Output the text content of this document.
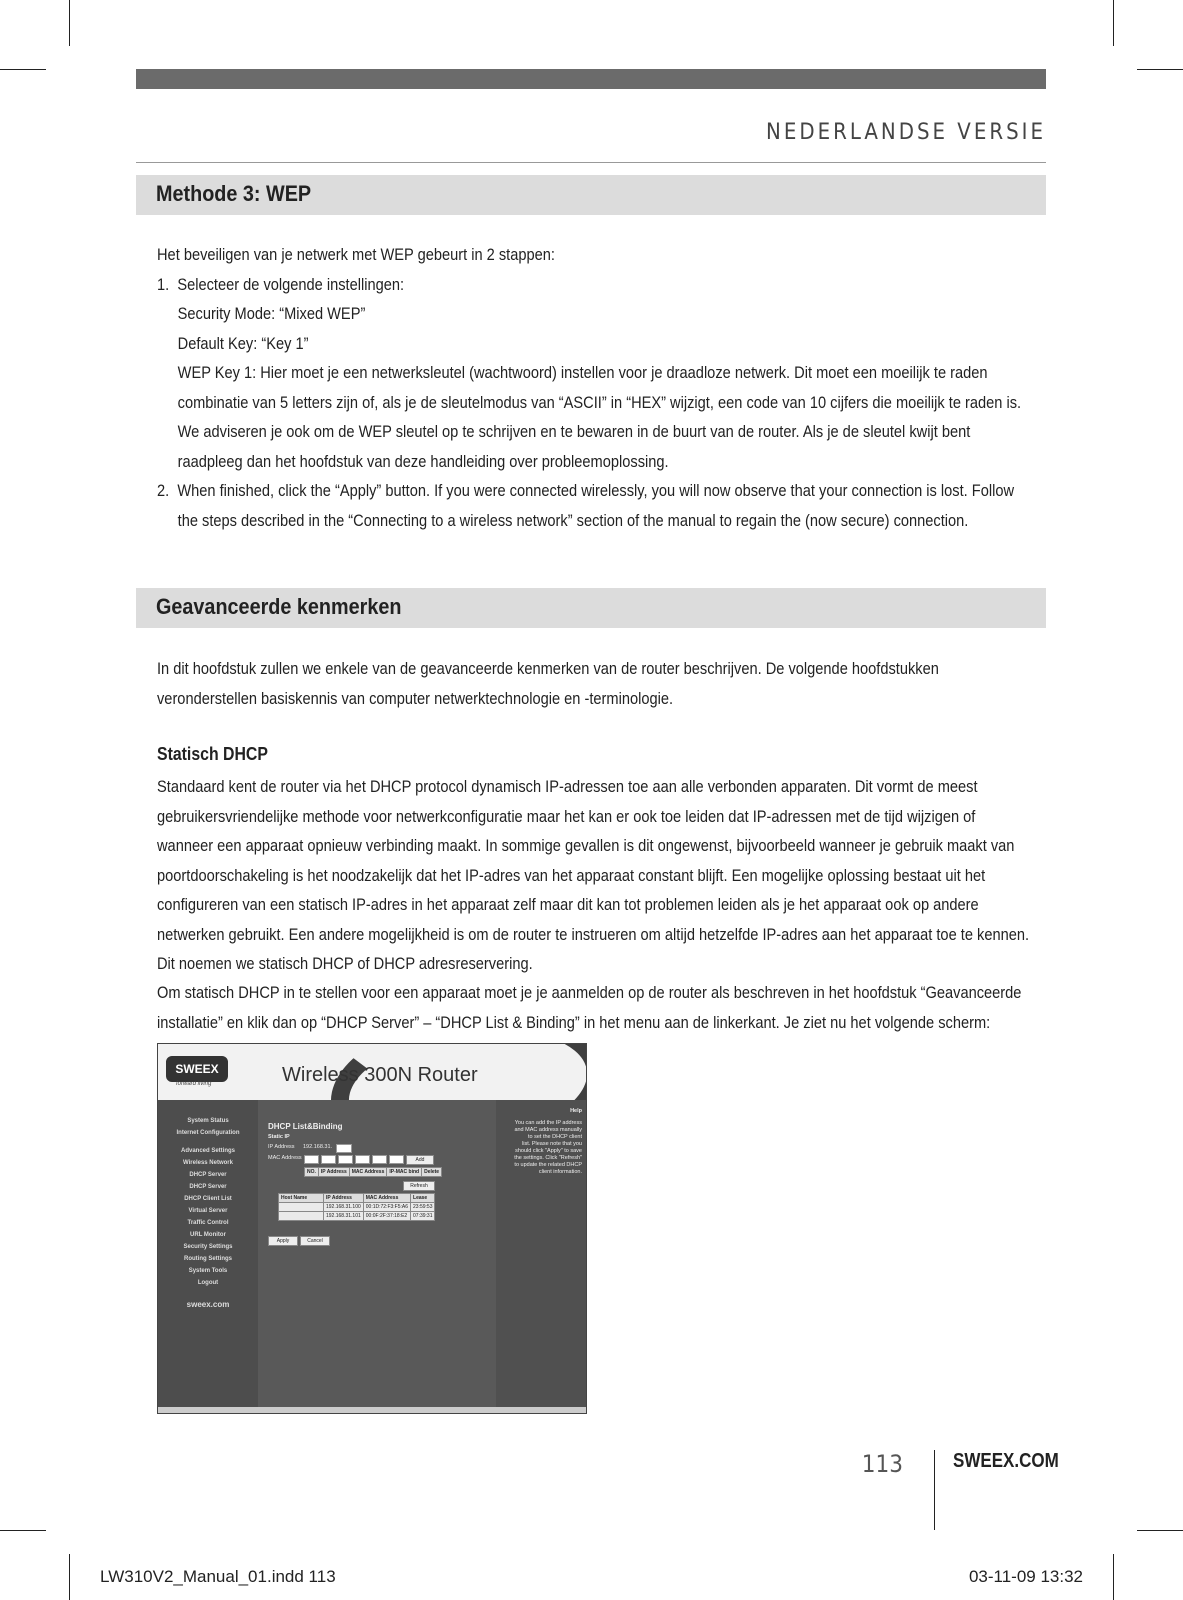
NEDERLANDSE VERSIE
Methode 3: WEP

Het beveiligen van je netwerk met WEP gebeurt in 2 stappen:

1.  Selecteer de volgende instellingen:

Security Mode: “Mixed WEP”

Default Key: “Key 1”

WEP Key 1: Hier moet je een netwerksleutel (wachtwoord) instellen voor je draadloze netwerk. Dit moet een moeilijk te raden combinatie van 5 letters zijn of, als je de sleutelmodus van “ASCII” in “HEX” wijzigt, een code van 10 cijfers die moeilijk te raden is. We adviseren je ook om de WEP sleutel op te schrijven en te bewaren in de buurt van de router. Als je de sleutel kwijt bent raadpleeg dan het hoofdstuk van deze handleiding over probleemoplossing.

2.  When finished, click the “Apply” button. If you were connected wirelessly, you will now observe that your connection is lost. Follow the steps described in the “Connecting to a wireless network” section of the manual to regain the (now secure) connection.

Geavanceerde kenmerken

In dit hoofdstuk zullen we enkele van de geavanceerde kenmerken van de router beschrijven. De volgende hoofdstukken veronderstellen basiskennis van computer netwerktechnologie en -terminologie.

Statisch DHCP

Standaard kent de router via het DHCP protocol dynamisch IP-adressen toe aan alle verbonden apparaten. Dit vormt de meest gebruikersvriendelijke methode voor netwerkconfiguratie maar het kan er ook toe leiden dat IP-adressen met de tijd wijzigen of wanneer een apparaat opnieuw verbinding maakt. In sommige gevallen is dit ongewenst, bijvoorbeeld wanneer je gebruik maakt van poortdoorschakeling is het noodzakelijk dat het IP-adres van het apparaat constant blijft. Een mogelijke oplossing bestaat uit het configureren van een statisch IP-adres in het apparaat zelf maar dit kan tot problemen leiden als je het apparaat ook op andere netwerken gebruikt. Een andere mogelijkheid is om de router te instrueren om altijd hetzelfde IP-adres aan het apparaat toe te kennen. Dit noemen we statisch DHCP of DHCP adresreservering.

Om statisch DHCP in te stellen voor een apparaat moet je je aanmelden op de router als beschreven in het hoofdstuk “Geavanceerde installatie” en klik dan op “DHCP Server” – “DHCP List & Binding” in het menu aan de linkerkant. Je ziet nu het volgende scherm:

SWEEX
forward living	Wireless 300N Router
System Status
Internet Configuration
Advanced Settings
Wireless Network
DHCP Server
DHCP Server
DHCP Client List
Virtual Server
Traffic Control
URL Monitor
Security Settings
Routing Settings
System Tools
Logout
sweex.com
DHCP List&Binding
Static IP
IP Address 192.168.31.
MAC Address	Add
NO.	IP Address	MAC Address	IP-MAC bind	Delete
Refresh
Host Name	IP Address	MAC Address	Lease
	192.168.31.100	00:1D:72:F3:F5:A6	23:59:53
	192.168.31.101	00:0F:2F:37:18:E2	07:39:31
Apply	Cancel
Help
You can add the IP address
and MAC address manually
to set the DHCP client
list. Please note that you
should click "Apply" to save
the settings. Click "Refresh"
to update the related DHCP
client information.
113	SWEEX.COM
LW310V2_Manual_01.indd 113	03-11-09 13:32
